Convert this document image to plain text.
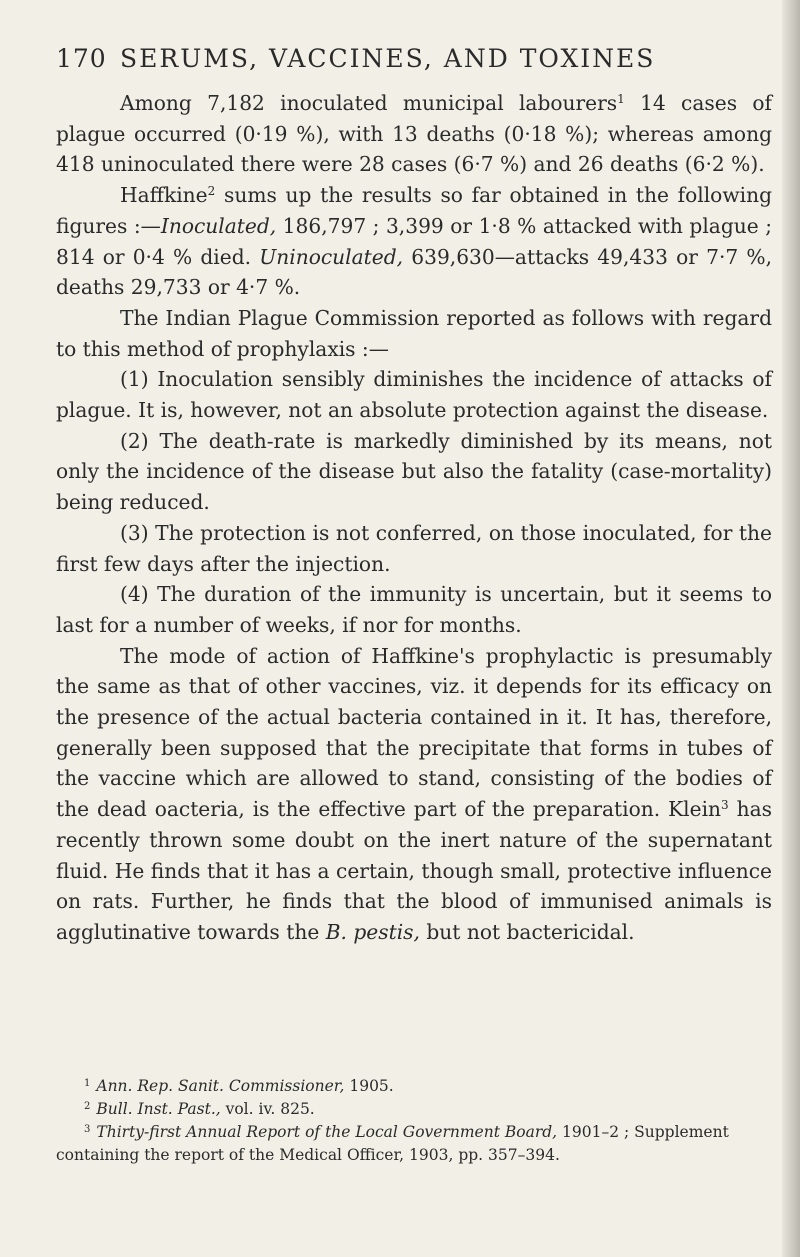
170 SERUMS, VACCINES, AND TOXINES

Among 7,182 inoculated municipal labourers$^1$ 14 cases of plague occurred (0·19 %), with 13 deaths (0·18 %); whereas among 418 uninoculated there were 28 cases (6·7 %) and 26 deaths (6·2 %).

Haffkine$^2$ sums up the results so far obtained in the following figures :—Inoculated, 186,797 ; 3,399 or 1·8 % attacked with plague ; 814 or 0·4 % died. Uninoculated, 639,630—attacks 49,433 or 7·7 %, deaths 29,733 or 4·7 %.

The Indian Plague Commission reported as follows with regard to this method of prophylaxis :—

(1) Inoculation sensibly diminishes the incidence of attacks of plague. It is, however, not an absolute protection against the disease.

(2) The death-rate is markedly diminished by its means, not only the incidence of the disease but also the fatality (case-mortality) being reduced.

(3) The protection is not conferred, on those inoculated, for the first few days after the injection.

(4) The duration of the immunity is uncertain, but it seems to last for a number of weeks, if nor for months.

The mode of action of Haffkine's prophylactic is presumably the same as that of other vaccines, viz. it depends for its efficacy on the presence of the actual bacteria contained in it. It has, therefore, generally been supposed that the precipitate that forms in tubes of the vaccine which are allowed to stand, consisting of the bodies of the dead oacteria, is the effective part of the preparation. Klein$^3$ has recently thrown some doubt on the inert nature of the supernatant fluid. He finds that it has a certain, though small, protective influence on rats. Further, he finds that the blood of immunised animals is agglutinative towards the B. pestis, but not bactericidal.

$^1$ Ann. Rep. Sanit. Commissioner, 1905.

$^2$ Bull. Inst. Past., vol. iv. 825.

$^3$ Thirty-first Annual Report of the Local Government Board, 1901–2 ; Supplement containing the report of the Medical Officer, 1903, pp. 357–394.
